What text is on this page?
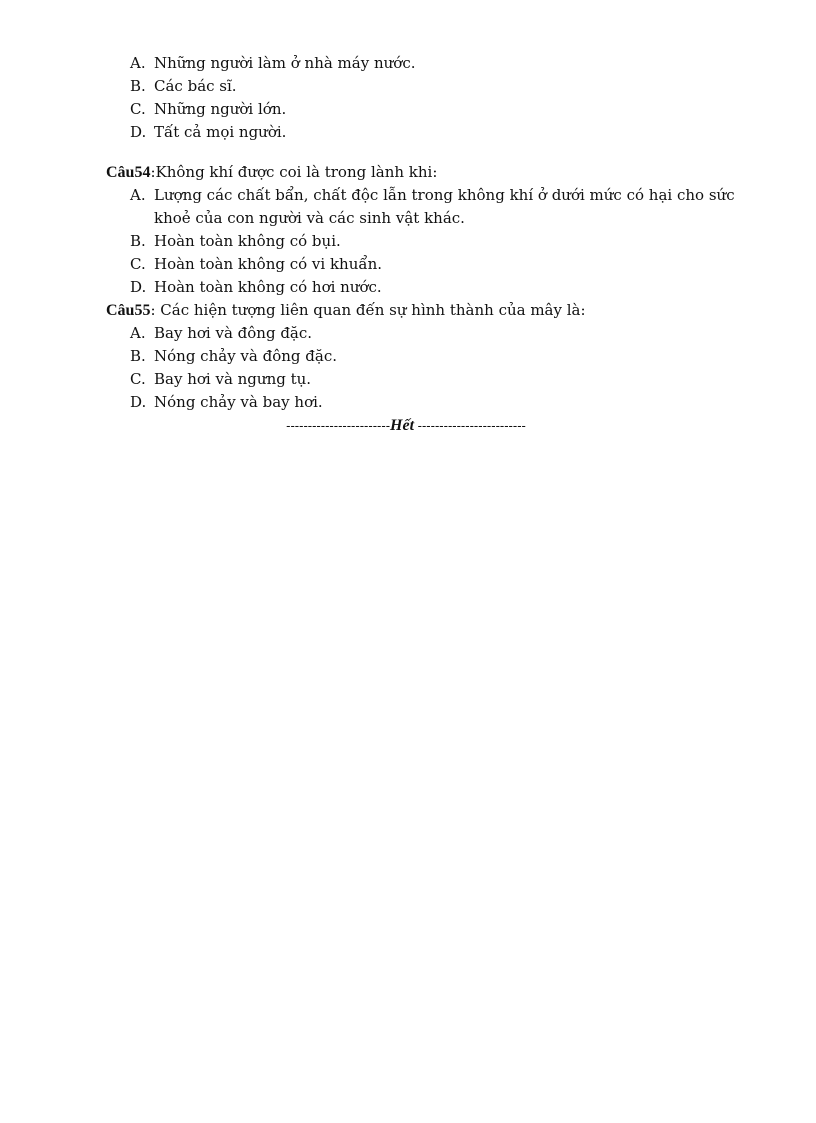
A. Những người làm ở nhà máy nước.
B. Các bác sĩ.
C. Những người lớn.
D. Tất cả mọi người.
Câu54:Không khí được coi là trong lành khi:
A. Lượng các chất bẩn, chất độc lẫn trong không khí ở dưới mức có hại cho sức khoẻ của con người và các sinh vật khác.
B. Hoàn toàn không có bụi.
C. Hoàn toàn không có vi khuẩn.
D. Hoàn toàn không có hơi nước.
Câu55: Các hiện tượng liên quan đến sự hình thành của mây là:
A. Bay hơi và đông đặc.
B. Nóng chảy và đông đặc.
C. Bay hơi và ngưng tụ.
D. Nóng chảy và bay hơi.
------------------------Hết -------------------------
